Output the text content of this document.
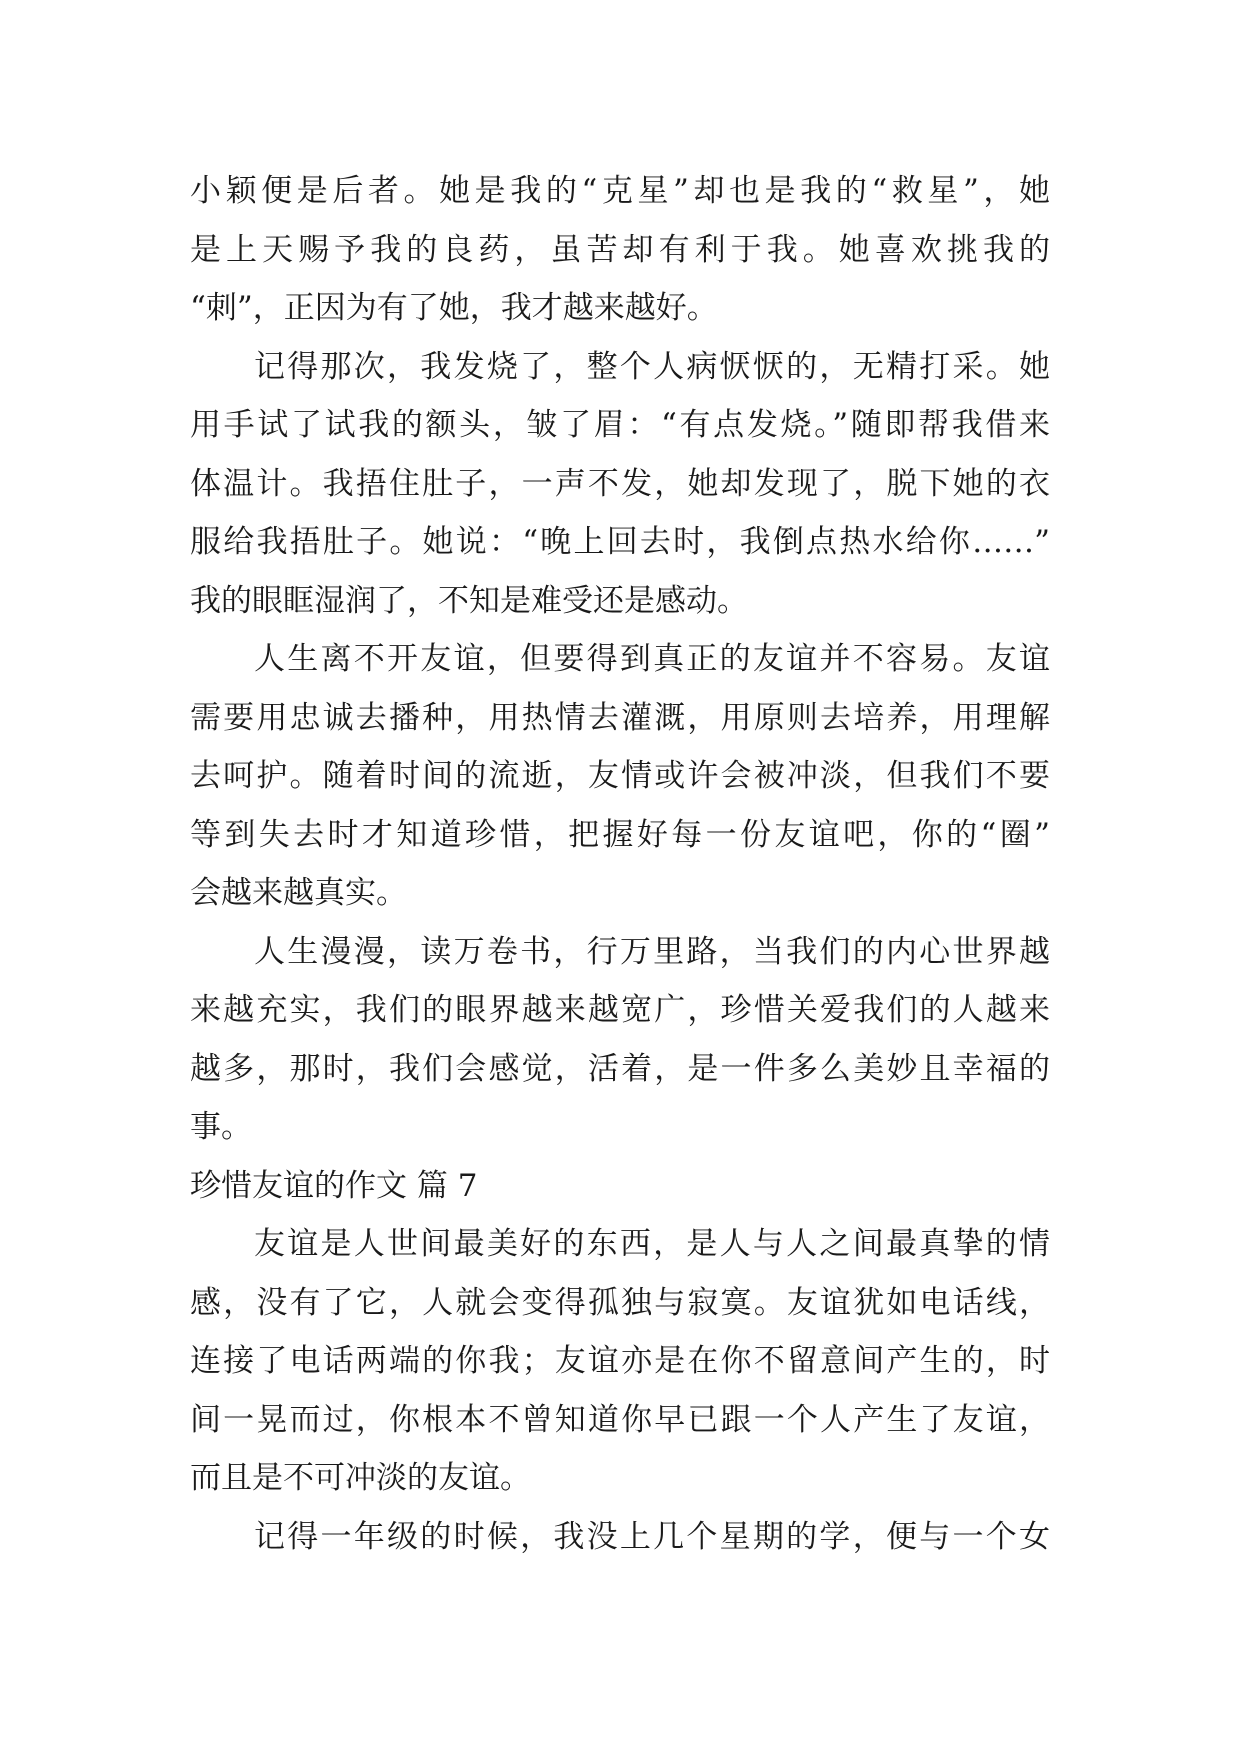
小颖便是后者。她是我的“克星”却也是我的“救星”，她
是上天赐予我的良药，虽苦却有利于我。她喜欢挑我的
“刺”，正因为有了她，我才越来越好。
记得那次，我发烧了，整个人病恹恹的，无精打采。她
用手试了试我的额头，皱了眉：“有点发烧。”随即帮我借来
体温计。我捂住肚子，一声不发，她却发现了，脱下她的衣
服给我捂肚子。她说：“晚上回去时，我倒点热水给你……”
我的眼眶湿润了，不知是难受还是感动。
人生离不开友谊，但要得到真正的友谊并不容易。友谊
需要用忠诚去播种，用热情去灌溉，用原则去培养，用理解
去呵护。随着时间的流逝，友情或许会被冲淡，但我们不要
等到失去时才知道珍惜，把握好每一份友谊吧，你的“圈”
会越来越真实。
人生漫漫，读万卷书，行万里路，当我们的内心世界越
来越充实，我们的眼界越来越宽广，珍惜关爱我们的人越来
越多，那时，我们会感觉，活着，是一件多么美妙且幸福的
事。
珍惜友谊的作文 篇 7
友谊是人世间最美好的东西，是人与人之间最真挚的情
感，没有了它，人就会变得孤独与寂寞。友谊犹如电话线，
连接了电话两端的你我；友谊亦是在你不留意间产生的，时
间一晃而过，你根本不曾知道你早已跟一个人产生了友谊，
而且是不可冲淡的友谊。
记得一年级的时候，我没上几个星期的学，便与一个女
